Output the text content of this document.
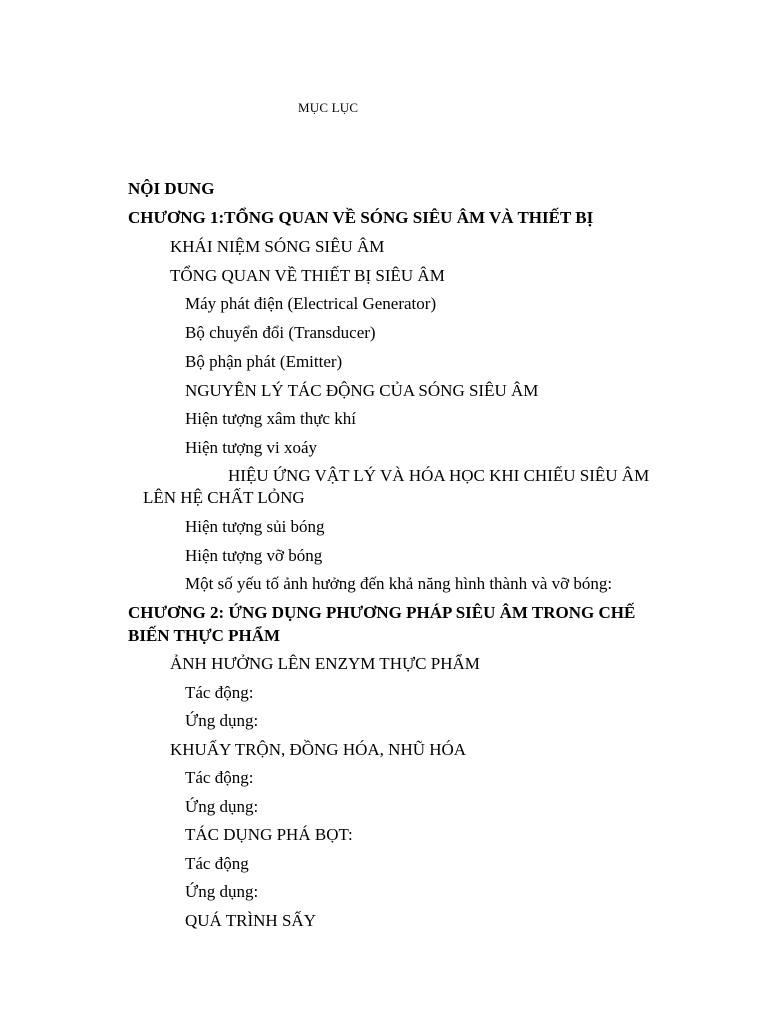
MỤC LỤC
NỘI DUNG
CHƯƠNG 1:TỔNG QUAN VỀ SÓNG SIÊU ÂM VÀ THIẾT BỊ
KHÁI NIỆM SÓNG SIÊU ÂM
TỔNG QUAN VỀ THIẾT BỊ SIÊU ÂM
Máy phát điện (Electrical Generator)
Bộ chuyển đổi (Transducer)
Bộ phận phát (Emitter)
NGUYÊN LÝ TÁC ĐỘNG CỦA SÓNG SIÊU ÂM
Hiện tượng xâm thực khí
Hiện tượng vi xoáy
HIỆU ỨNG VẬT LÝ VÀ HÓA HỌC KHI CHIẾU SIÊU ÂM
LÊN HỆ CHẤT LỎNG
Hiện tượng sủi bóng
Hiện tượng vỡ bóng
Một số yếu tố ảnh hưởng đến khả năng hình thành và vỡ bóng:
CHƯƠNG 2: ỨNG DỤNG PHƯƠNG PHÁP SIÊU ÂM TRONG CHẾ
BIẾN THỰC PHẨM
ẢNH HƯỞNG LÊN ENZYM THỰC PHẨM
Tác động:
Ứng dụng:
KHUẤY TRỘN, ĐỒNG HÓA, NHŨ HÓA
Tác động:
Ứng dụng:
TÁC DỤNG PHÁ BỌT:
Tác động
Ứng dụng:
QUÁ TRÌNH SẤY
